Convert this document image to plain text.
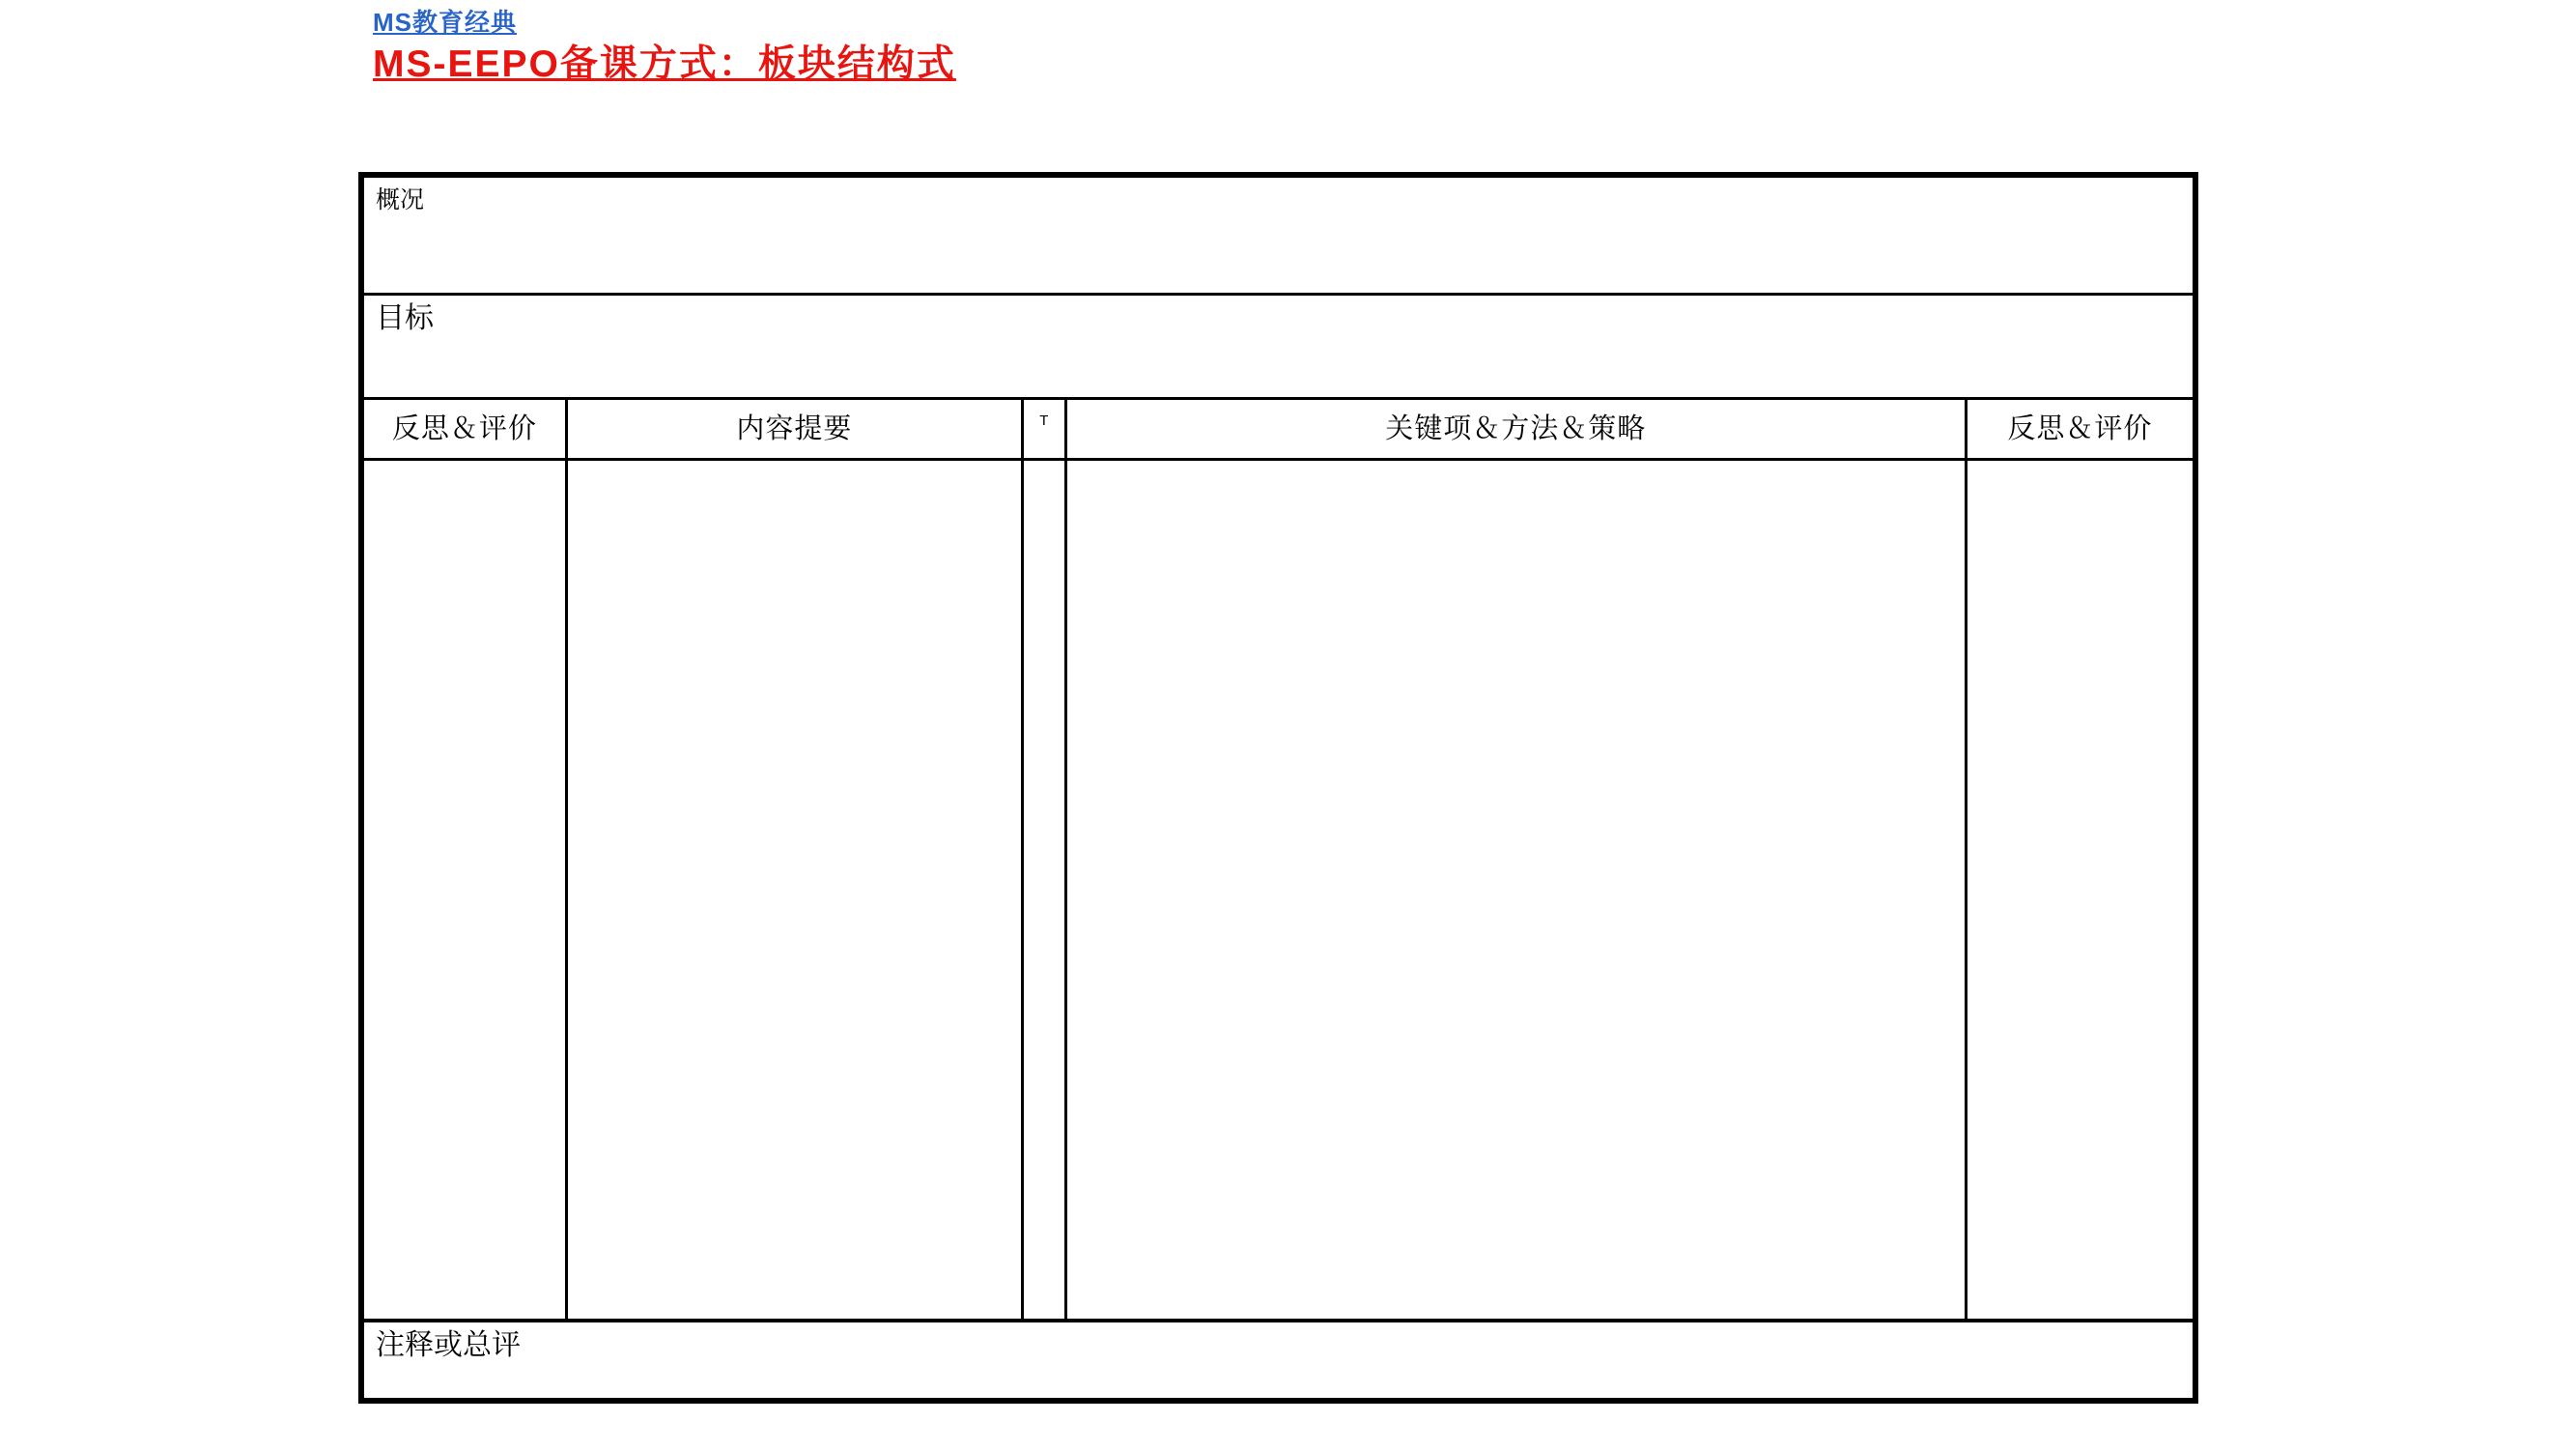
MS教育经典
MS-EEPO备课方式：板块结构式
概况
目标
反思＆评价	内容提要	T	关键项＆方法＆策略	反思＆评价
注释或总评
